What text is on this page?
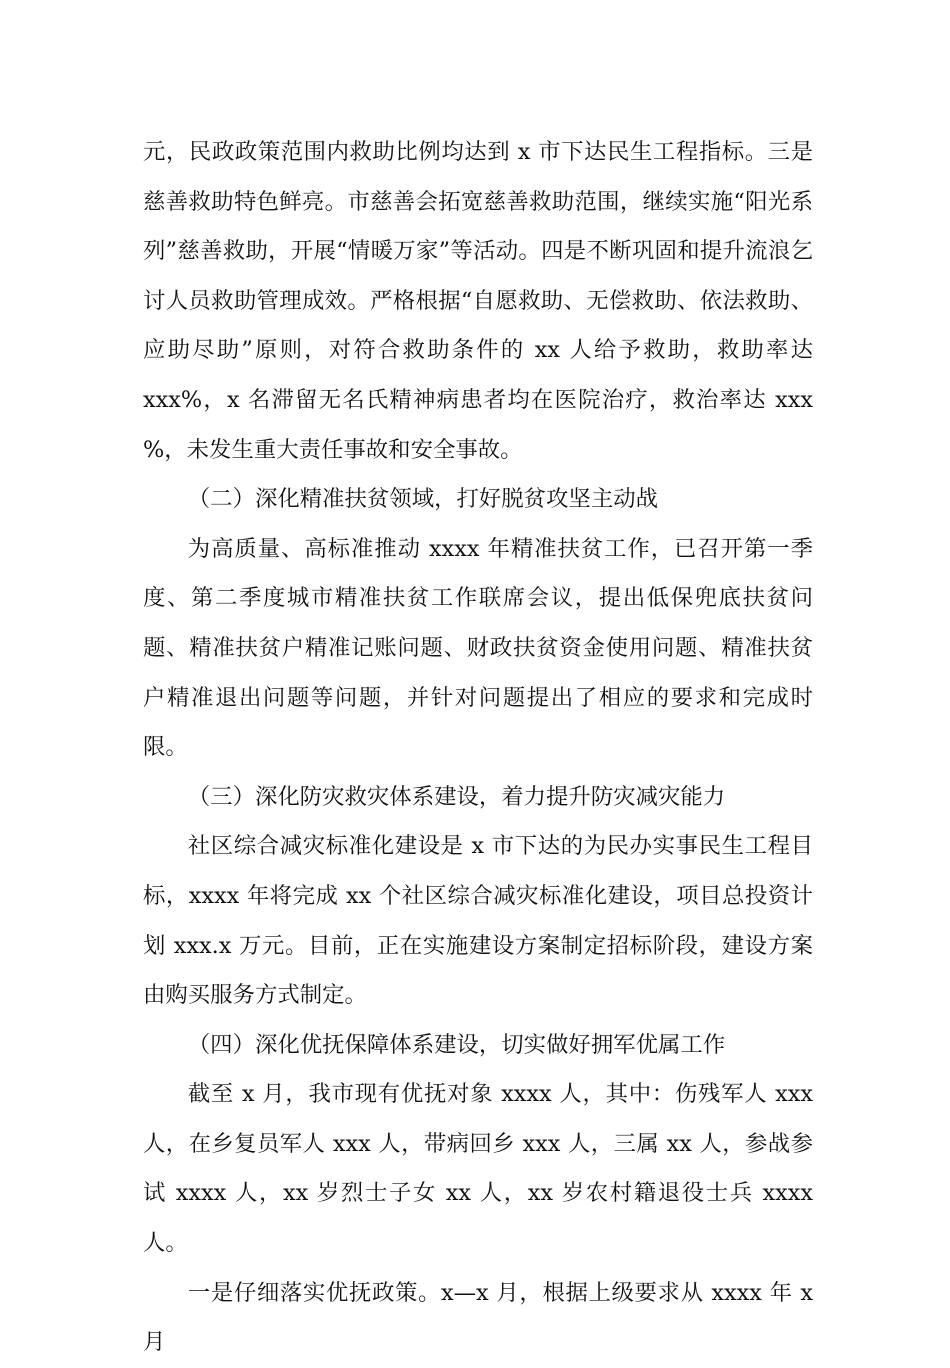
元，民政政策范围内救助比例均达到 x 市下达民生工程指标。三是慈善救助特色鲜亮。市慈善会拓宽慈善救助范围，继续实施“阳光系列”慈善救助，开展“情暖万家”等活动。四是不断巩固和提升流浪乞讨人员救助管理成效。严格根据“自愿救助、无偿救助、依法救助、应助尽助”原则，对符合救助条件的 xx 人给予救助，救助率达 xxx%，x 名滞留无名氏精神病患者均在医院治疗，救治率达 xxx %，未发生重大责任事故和安全事故。

（二）深化精准扶贫领域，打好脱贫攻坚主动战

为高质量、高标准推动 xxxx 年精准扶贫工作，已召开第一季度、第二季度城市精准扶贫工作联席会议，提出低保兜底扶贫问题、精准扶贫户精准记账问题、财政扶贫资金使用问题、精准扶贫户精准退出问题等问题，并针对问题提出了相应的要求和完成时限。

（三）深化防灾救灾体系建设，着力提升防灾减灾能力

社区综合减灾标准化建设是 x 市下达的为民办实事民生工程目标，xxxx 年将完成 xx 个社区综合减灾标准化建设，项目总投资计划 xxx.x 万元。目前，正在实施建设方案制定招标阶段，建设方案由购买服务方式制定。

（四）深化优抚保障体系建设，切实做好拥军优属工作

截至 x 月，我市现有优抚对象 xxxx 人，其中：伤残军人 xxx 人，在乡复员军人 xxx 人，带病回乡 xxx 人，三属 xx 人，参战参试 xxxx 人，xx 岁烈士子女 xx 人，xx 岁农村籍退役士兵 xxxx 人。

一是仔细落实优抚政策。x—x 月，根据上级要求从 xxxx 年 x 月
